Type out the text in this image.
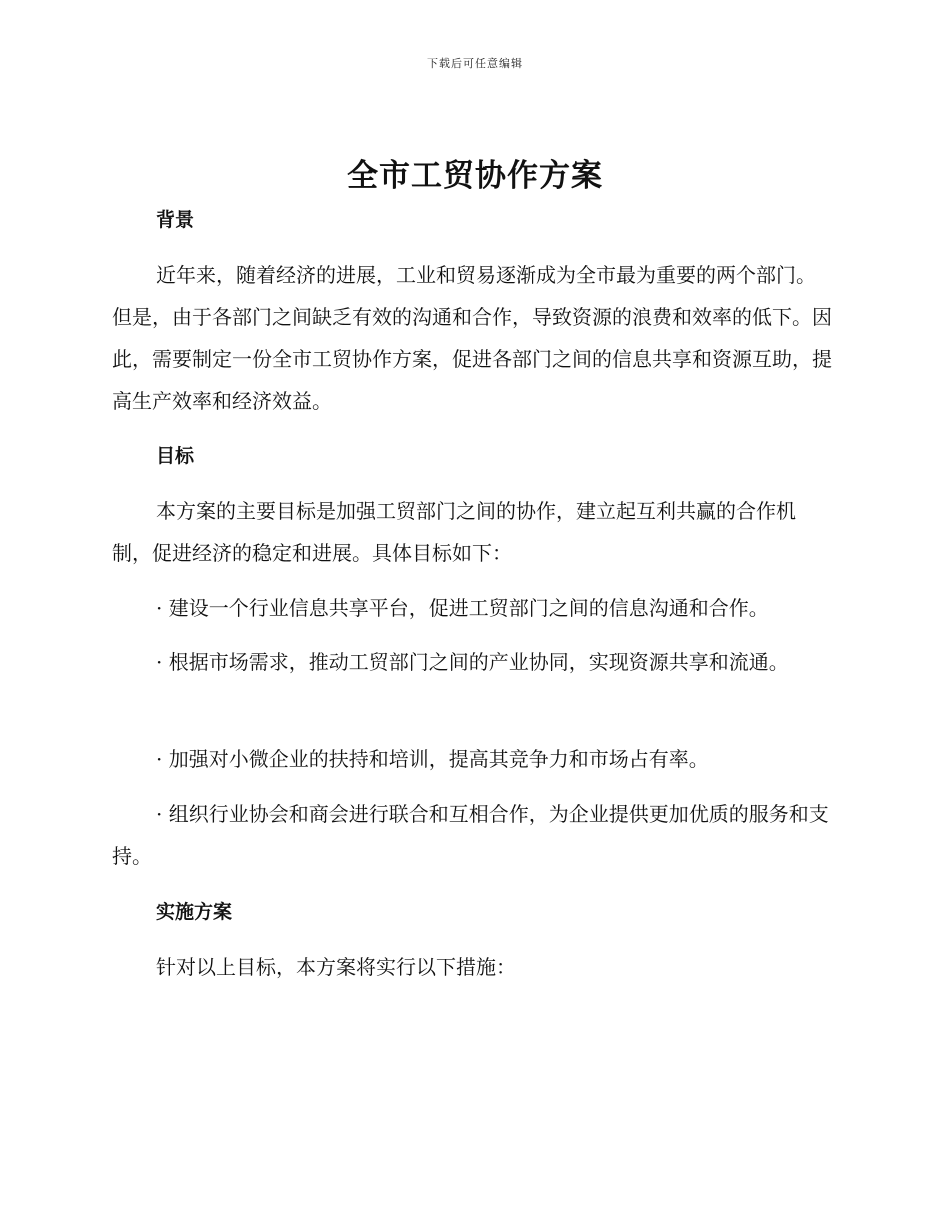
下载后可任意编辑
全市工贸协作方案
背景

近年来，随着经济的进展，工业和贸易逐渐成为全市最为重要的两个部门。但是，由于各部门之间缺乏有效的沟通和合作，导致资源的浪费和效率的低下。因此，需要制定一份全市工贸协作方案，促进各部门之间的信息共享和资源互助，提高生产效率和经济效益。

目标

本方案的主要目标是加强工贸部门之间的协作，建立起互利共赢的合作机制，促进经济的稳定和进展。具体目标如下：

· 建设一个行业信息共享平台，促进工贸部门之间的信息沟通和合作。

· 根据市场需求，推动工贸部门之间的产业协同，实现资源共享和流通。

· 加强对小微企业的扶持和培训，提高其竞争力和市场占有率。

· 组织行业协会和商会进行联合和互相合作，为企业提供更加优质的服务和支持。

实施方案

针对以上目标，本方案将实行以下措施：
